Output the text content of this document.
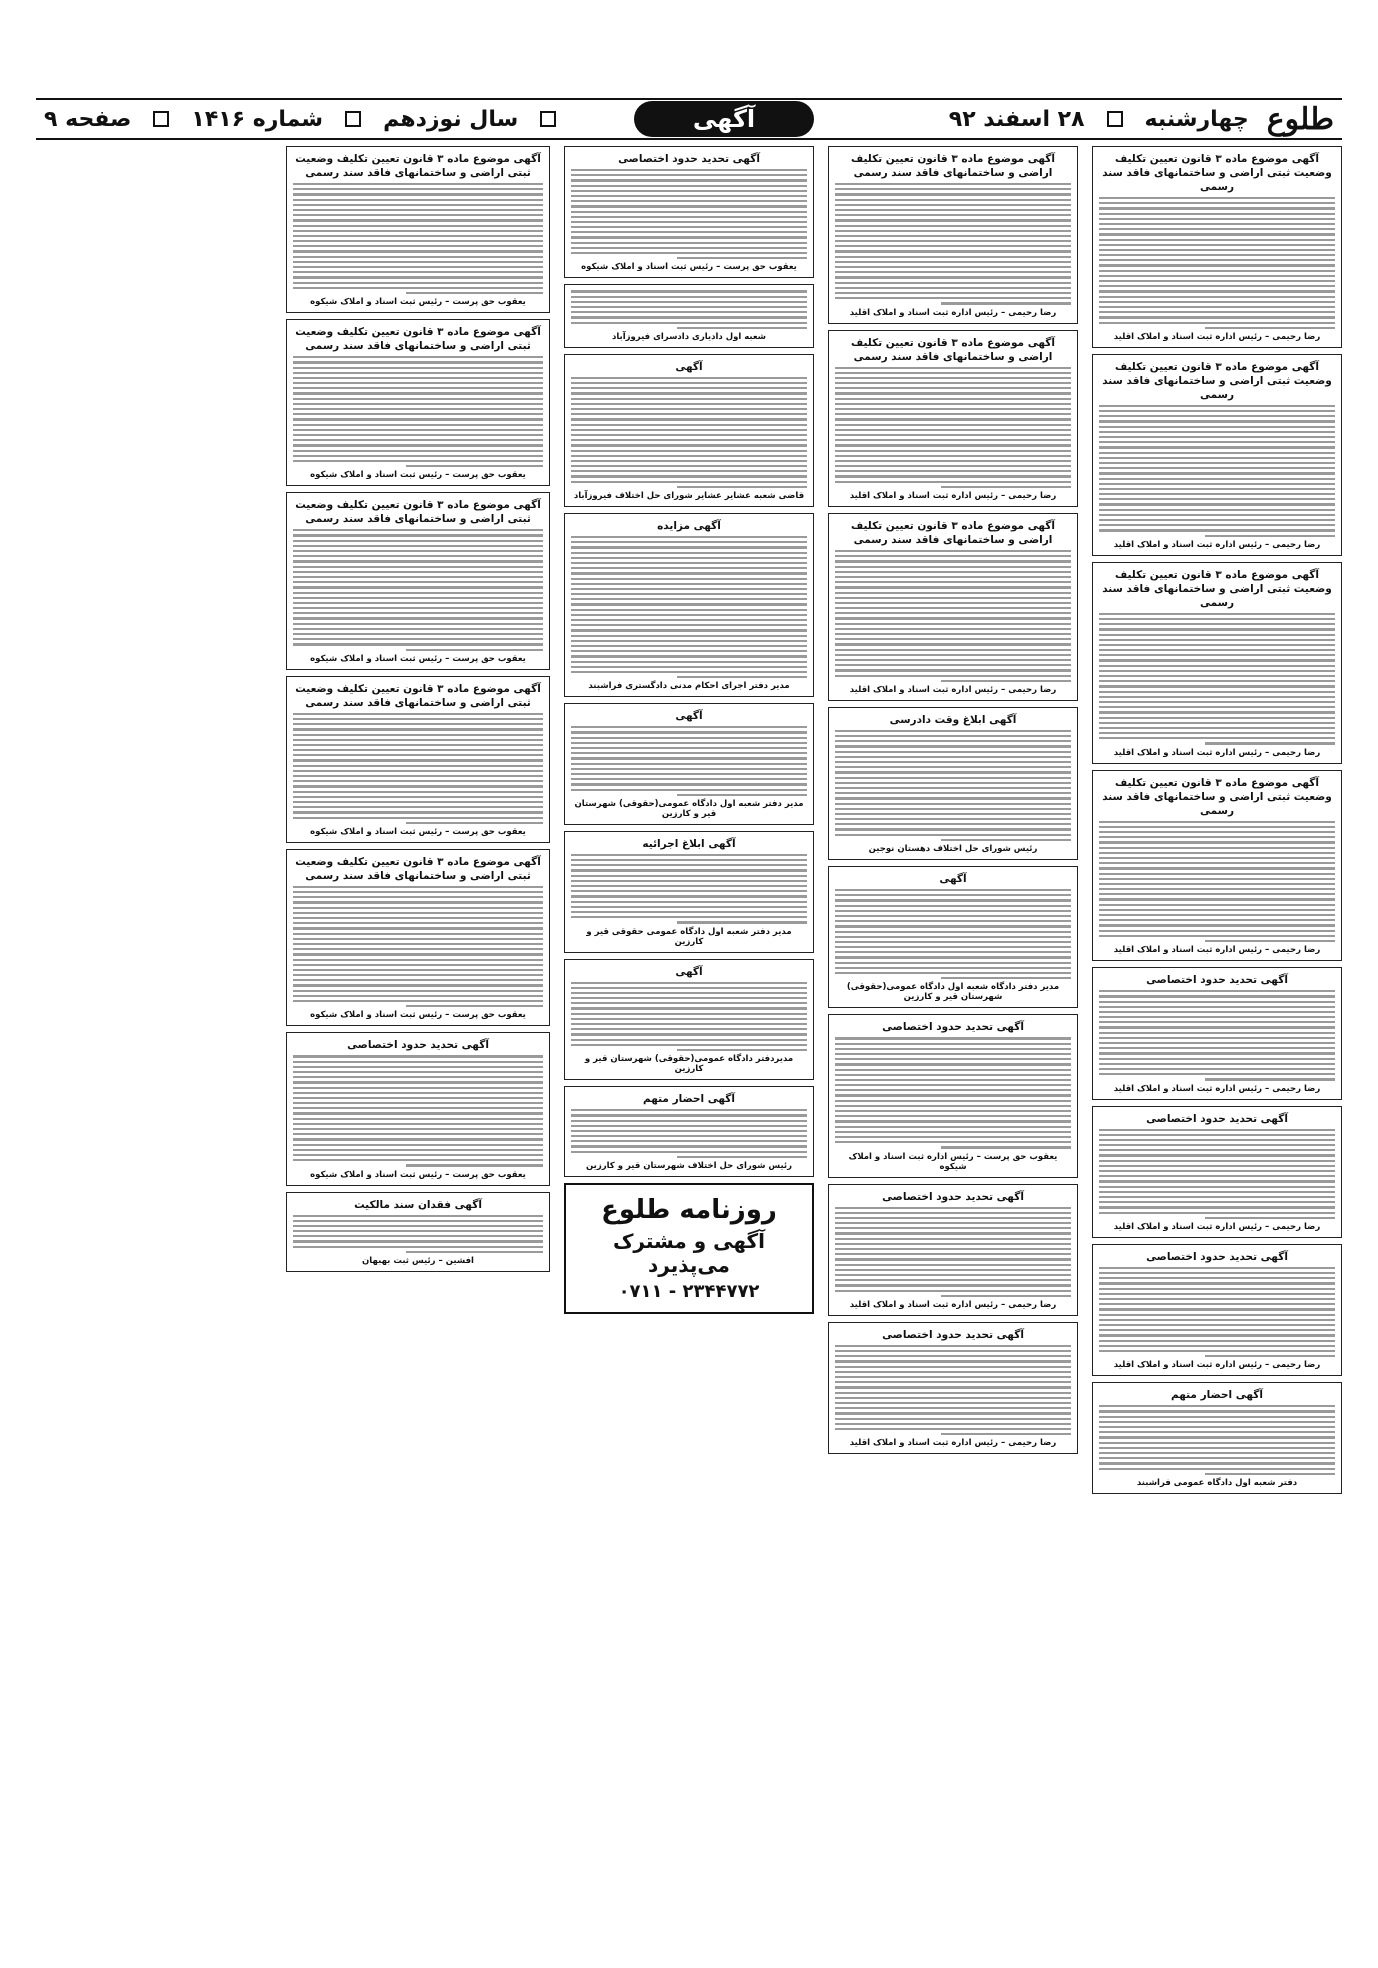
طلوع
چهارشنبه
۲۸ اسفند ۹۲
آگهی
سال نوزدهم
شماره ۱۴۱۶
صفحه ۹
آگهی موضوع ماده ۳ قانون تعیین تکلیف وضعیت ثبتی اراضی و ساختمانهای فاقد سند رسمی
رضا رحیمی – رئیس اداره ثبت اسناد و املاک اقلید
آگهی موضوع ماده ۳ قانون تعیین تکلیف وضعیت ثبتی اراضی و ساختمانهای فاقد سند رسمی
رضا رحیمی – رئیس اداره ثبت اسناد و املاک اقلید
آگهی موضوع ماده ۳ قانون تعیین تکلیف وضعیت ثبتی اراضی و ساختمانهای فاقد سند رسمی
رضا رحیمی – رئیس اداره ثبت اسناد و املاک اقلید
آگهی موضوع ماده ۳ قانون تعیین تکلیف وضعیت ثبتی اراضی و ساختمانهای فاقد سند رسمی
رضا رحیمی – رئیس اداره ثبت اسناد و املاک اقلید
آگهی تحدید حدود اختصاصی
رضا رحیمی – رئیس اداره ثبت اسناد و املاک اقلید
آگهی تحدید حدود اختصاصی
رضا رحیمی – رئیس اداره ثبت اسناد و املاک اقلید
آگهی تحدید حدود اختصاصی
رضا رحیمی – رئیس اداره ثبت اسناد و املاک اقلید
آگهی احضار متهم
دفتر شعبه اول دادگاه عمومی فراشبند
آگهی موضوع ماده ۳ قانون تعیین تکلیف اراضی و ساختمانهای فاقد سند رسمی
رضا رحیمی – رئیس اداره ثبت اسناد و املاک اقلید
آگهی موضوع ماده ۳ قانون تعیین تکلیف اراضی و ساختمانهای فاقد سند رسمی
رضا رحیمی – رئیس اداره ثبت اسناد و املاک اقلید
آگهی موضوع ماده ۳ قانون تعیین تکلیف اراضی و ساختمانهای فاقد سند رسمی
رضا رحیمی – رئیس اداره ثبت اسناد و املاک اقلید
آگهی ابلاغ وقت دادرسی
رئیس شورای حل اختلاف دهستان نوجین
آگهی
مدیر دفتر دادگاه شعبه اول دادگاه عمومی(حقوقی) شهرستان قیر و کارزین
آگهی تحدید حدود اختصاصی
یعقوب حق پرست – رئیس اداره ثبت اسناد و املاک شیکوه
آگهی تحدید حدود اختصاصی
رضا رحیمی – رئیس اداره ثبت اسناد و املاک اقلید
آگهی تحدید حدود اختصاصی
رضا رحیمی – رئیس اداره ثبت اسناد و املاک اقلید
آگهی تحدید حدود اختصاصی
یعقوب حق پرست – رئیس ثبت اسناد و املاک شیکوه
شعبه اول دادیاری دادسرای فیروزآباد
آگهی
قاضی شعبه عشایر عشایر شورای حل اختلاف فیروزآباد
آگهی مزایده
مدیر دفتر اجرای احکام مدنی دادگستری فراشبند
آگهی
مدیر دفتر شعبه اول دادگاه عمومی(حقوقی) شهرستان قیر و کارزین
آگهی ابلاغ اجرائیه
مدیر دفتر شعبه اول دادگاه عمومی حقوقی قیر و کارزین
آگهی
مدیردفتر دادگاه عمومی(حقوقی) شهرستان قیر و کارزین
آگهی احضار متهم
رئیس شورای حل اختلاف شهرستان قیر و کارزین
روزنامه طلوع
آگهی و مشترک می‌پذیرد
۰۷۱۱ - ۲۳۴۴۷۷۲
آگهی موضوع ماده ۳ قانون تعیین تکلیف وضعیت ثبتی اراضی و ساختمانهای فاقد سند رسمی
یعقوب حق پرست – رئیس ثبت اسناد و املاک شیکوه
آگهی موضوع ماده ۳ قانون تعیین تکلیف وضعیت ثبتی اراضی و ساختمانهای فاقد سند رسمی
یعقوب حق پرست – رئیس ثبت اسناد و املاک شیکوه
آگهی موضوع ماده ۳ قانون تعیین تکلیف وضعیت ثبتی اراضی و ساختمانهای فاقد سند رسمی
یعقوب حق پرست – رئیس ثبت اسناد و املاک شیکوه
آگهی موضوع ماده ۳ قانون تعیین تکلیف وضعیت ثبتی اراضی و ساختمانهای فاقد سند رسمی
یعقوب حق پرست – رئیس ثبت اسناد و املاک شیکوه
آگهی موضوع ماده ۳ قانون تعیین تکلیف وضعیت ثبتی اراضی و ساختمانهای فاقد سند رسمی
یعقوب حق پرست – رئیس ثبت اسناد و املاک شیکوه
آگهی تحدید حدود اختصاصی
یعقوب حق پرست – رئیس ثبت اسناد و املاک شیکوه
آگهی فقدان سند مالکیت
افشین – رئیس ثبت بهبهان
